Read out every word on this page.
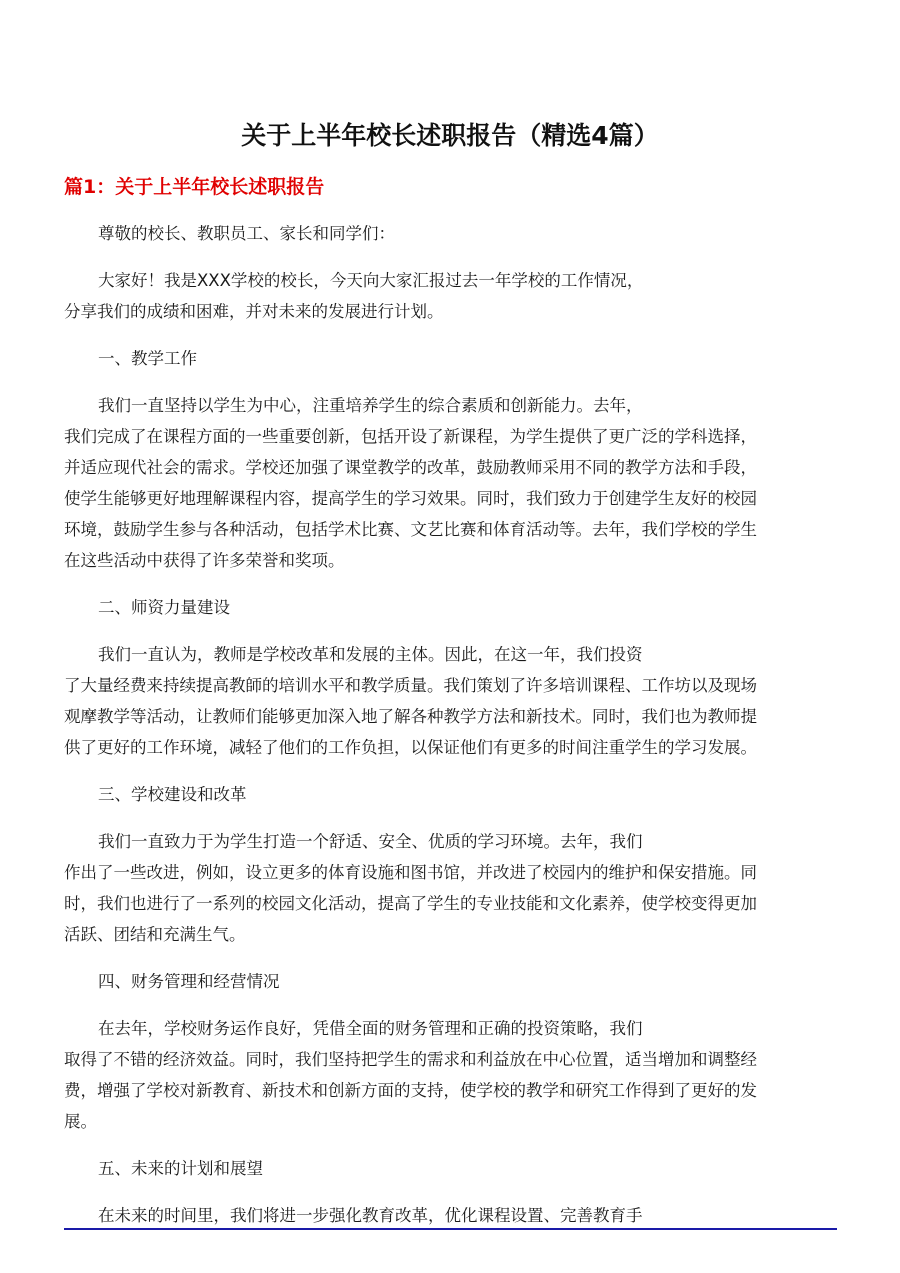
关于上半年校长述职报告（精选4篇）
篇1：关于上半年校长述职报告

尊敬的校长、教职员工、家长和同学们：

大家好！我是XXX学校的校长，今天向大家汇报过去一年学校的工作情况，
分享我们的成绩和困难，并对未来的发展进行计划。

一、教学工作

我们一直坚持以学生为中心，注重培养学生的综合素质和创新能力。去年，
我们完成了在课程方面的一些重要创新，包括开设了新课程，为学生提供了更广泛的学科选择，
并适应现代社会的需求。学校还加强了课堂教学的改革，鼓励教师采用不同的教学方法和手段，
使学生能够更好地理解课程内容，提高学生的学习效果。同时，我们致力于创建学生友好的校园
环境，鼓励学生参与各种活动，包括学术比赛、文艺比赛和体育活动等。去年，我们学校的学生
在这些活动中获得了许多荣誉和奖项。

二、师资力量建设

我们一直认为，教师是学校改革和发展的主体。因此，在这一年，我们投资
了大量经费来持续提高教師的培训水平和教学质量。我们策划了许多培训课程、工作坊以及现场
观摩教学等活动，让教师们能够更加深入地了解各种教学方法和新技术。同时，我们也为教师提
供了更好的工作环境，减轻了他们的工作负担，以保证他们有更多的时间注重学生的学习发展。

三、学校建设和改革

我们一直致力于为学生打造一个舒适、安全、优质的学习环境。去年，我们
作出了一些改进，例如，设立更多的体育设施和图书馆，并改进了校园内的维护和保安措施。同
时，我们也进行了一系列的校园文化活动，提高了学生的专业技能和文化素养，使学校变得更加
活跃、团结和充满生气。

四、财务管理和经营情况

在去年，学校财务运作良好，凭借全面的财务管理和正确的投资策略，我们
取得了不错的经济效益。同时，我们坚持把学生的需求和利益放在中心位置，适当增加和调整经
费，增强了学校对新教育、新技术和创新方面的支持，使学校的教学和研究工作得到了更好的发
展。

五、未来的计划和展望

在未来的时间里，我们将进一步强化教育改革，优化课程设置、完善教育手
